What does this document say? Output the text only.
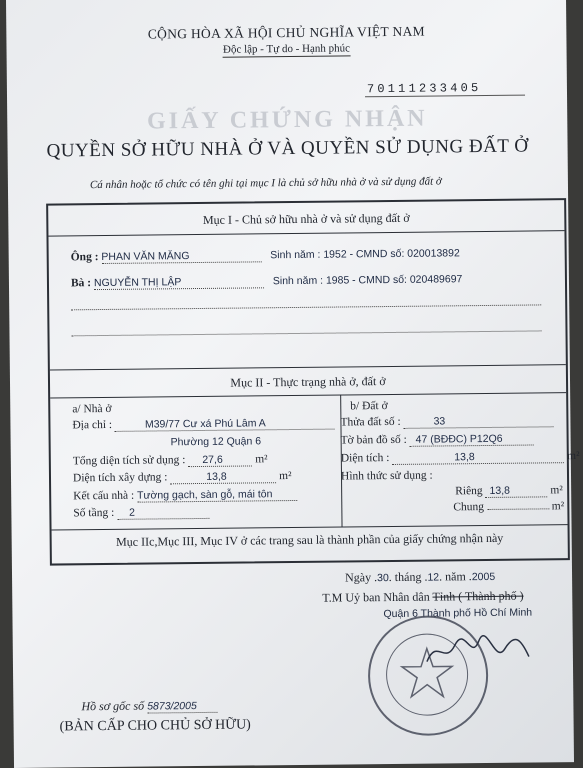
CỘNG HÒA XÃ HỘI CHỦ NGHĨA VIỆT NAM
Độc lập - Tự do - Hạnh phúc
70111233405
GIẤY CHỨNG NHẬN
QUYỀN SỞ HỮU NHÀ Ở VÀ QUYỀN SỬ DỤNG ĐẤT Ở
Cá nhân hoặc tổ chức có tên ghi tại mục I là chủ sở hữu nhà ở và sử dụng đất ở
Mục I - Chủ sở hữu nhà ở và sử dụng đất ở
Ông : PHAN VĂN MĂNG	Sinh năm : 1952 - CMND số: 020013892
Bà : NGUYỄN THỊ LẬP	Sinh năm : 1985 - CMND số: 020489697
Mục II - Thực trạng nhà ở, đất ở
a/ Nhà ở
Địa chỉ :	M39/77 Cư xá Phú Lâm A
Phường 12 Quận 6
Tổng diện tích sử dụng : 27,6	m²
Diện tích xây dựng :	13,8	m²
Kết cấu nhà : Tường gạch, sàn gỗ, mái tôn
Số tầng : 2
b/ Đất ở
Thửa đất số :	33
Tờ bản đồ số : 47 (BĐĐC) P12Q6
Diện tích :	13,8	m²
Hình thức sử dụng :
Riêng 13,8	m²
Chung	m²
Mục IIc,Mục III, Mục IV ở các trang sau là thành phần của giấy chứng nhận này
Ngày .30. tháng .12. năm .2005
T.M Uỷ ban Nhân dân Tỉnh ( Thành phố )
Quận 6 Thành phố Hồ Chí Minh
Hồ sơ gốc số 5873/2005
(BẢN CẤP CHO CHỦ SỞ HỮU)
